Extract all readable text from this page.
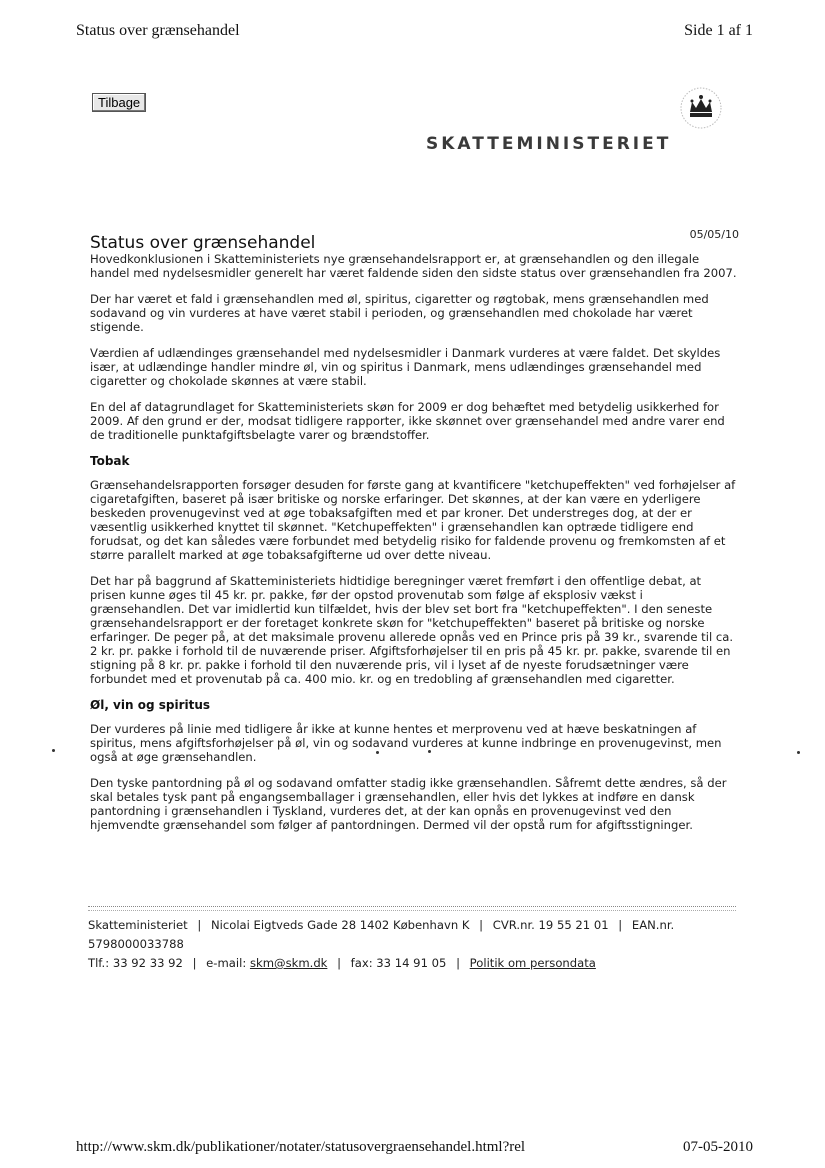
Status over grænsehandel	Side 1 af 1
Tilbage
SKATTEMINISTERIET
05/05/10
Status over grænsehandel

Hovedkonklusionen i Skatteministeriets nye grænsehandelsrapport er, at grænsehandlen og den illegale handel med nydelsesmidler generelt har været faldende siden den sidste status over grænsehandlen fra 2007.

Der har været et fald i grænsehandlen med øl, spiritus, cigaretter og røgtobak, mens grænsehandlen med sodavand og vin vurderes at have været stabil i perioden, og grænsehandlen med chokolade har været stigende.

Værdien af udlændinges grænsehandel med nydelsesmidler i Danmark vurderes at være faldet. Det skyldes især, at udlændinge handler mindre øl, vin og spiritus i Danmark, mens udlændinges grænsehandel med cigaretter og chokolade skønnes at være stabil.

En del af datagrundlaget for Skatteministeriets skøn for 2009 er dog behæftet med betydelig usikkerhed for 2009. Af den grund er der, modsat tidligere rapporter, ikke skønnet over grænsehandel med andre varer end de traditionelle punktafgiftsbelagte varer og brændstoffer.

Tobak

Grænsehandelsrapporten forsøger desuden for første gang at kvantificere "ketchupeffekten" ved forhøjelser af cigaretafgiften, baseret på især britiske og norske erfaringer. Det skønnes, at der kan være en yderligere beskeden provenugevinst ved at øge tobaksafgiften med et par kroner. Det understreges dog, at der er væsentlig usikkerhed knyttet til skønnet. "Ketchupeffekten" i grænsehandlen kan optræde tidligere end forudsat, og det kan således være forbundet med betydelig risiko for faldende provenu og fremkomsten af et større parallelt marked at øge tobaksafgifterne ud over dette niveau.

Det har på baggrund af Skatteministeriets hidtidige beregninger været fremført i den offentlige debat, at prisen kunne øges til 45 kr. pr. pakke, før der opstod provenutab som følge af eksplosiv vækst i grænsehandlen. Det var imidlertid kun tilfældet, hvis der blev set bort fra "ketchupeffekten". I den seneste grænsehandelsrapport er der foretaget konkrete skøn for "ketchupeffekten" baseret på britiske og norske erfaringer. De peger på, at det maksimale provenu allerede opnås ved en Prince pris på 39 kr., svarende til ca. 2 kr. pr. pakke i forhold til de nuværende priser. Afgiftsforhøjelser til en pris på 45 kr. pr. pakke, svarende til en stigning på 8 kr. pr. pakke i forhold til den nuværende pris, vil i lyset af de nyeste forudsætninger være forbundet med et provenutab på ca. 400 mio. kr. og en tredobling af grænsehandlen med cigaretter.

Øl, vin og spiritus

Der vurderes på linie med tidligere år ikke at kunne hentes et merprovenu ved at hæve beskatningen af spiritus, mens afgiftsforhøjelser på øl, vin og sodavand vurderes at kunne indbringe en provenugevinst, men også at øge grænsehandlen.

Den tyske pantordning på øl og sodavand omfatter stadig ikke grænsehandlen. Såfremt dette ændres, så der skal betales tysk pant på engangsemballager i grænsehandlen, eller hvis det lykkes at indføre en dansk pantordning i grænsehandlen i Tyskland, vurderes det, at der kan opnås en provenugevinst ved den hjemvendte grænsehandel som følger af pantordningen. Dermed vil der opstå rum for afgiftsstigninger.

Skatteministeriet | Nicolai Eigtveds Gade 28 1402 København K | CVR.nr. 19 55 21 01 | EAN.nr. 5798000033788
Tlf.: 33 92 33 92 | e-mail: skm@skm.dk | fax: 33 14 91 05 | Politik om persondata
http://www.skm.dk/publikationer/notater/statusovergraensehandel.html?rel	07-05-2010
